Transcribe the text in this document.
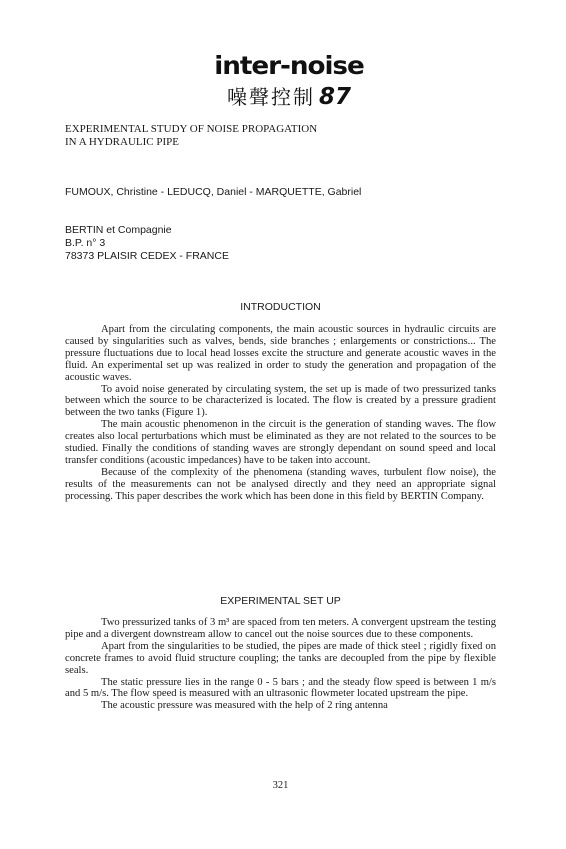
inter-noise
噪聲控制 87
EXPERIMENTAL STUDY OF NOISE PROPAGATION
IN A HYDRAULIC PIPE
FUMOUX, Christine - LEDUCQ, Daniel - MARQUETTE, Gabriel
BERTIN et Compagnie
B.P. n° 3
78373 PLAISIR CEDEX - FRANCE
INTRODUCTION

Apart from the circulating components, the main acoustic sources in hydraulic circuits are caused by singularities such as valves, bends, side branches ; enlargements or constrictions... The pressure fluctuations due to local head losses excite the structure and generate acoustic waves in the fluid. An experimental set up was realized in order to study the generation and propagation of the acoustic waves.

To avoid noise generated by circulating system, the set up is made of two pressurized tanks between which the source to be characterized is located. The flow is created by a pressure gradient between the two tanks (Figure 1).

The main acoustic phenomenon in the circuit is the generation of standing waves. The flow creates also local perturbations which must be eliminated as they are not related to the sources to be studied. Finally the conditions of standing waves are strongly dependant on sound speed and local transfer conditions (acoustic impedances) have to be taken into account.

Because of the complexity of the phenomena (standing waves, turbulent flow noise), the results of the measurements can not be analysed directly and they need an appropriate signal processing. This paper describes the work which has been done in this field by BERTIN Company.

EXPERIMENTAL SET UP

Two pressurized tanks of 3 m³ are spaced from ten meters. A convergent upstream the testing pipe and a divergent downstream allow to cancel out the noise sources due to these components.

Apart from the singularities to be studied, the pipes are made of thick steel ; rigidly fixed on concrete frames to avoid fluid structure coupling; the tanks are decoupled from the pipe by flexible seals.

The static pressure lies in the range 0 - 5 bars ; and the steady flow speed is between 1 m/s and 5 m/s. The flow speed is measured with an ultrasonic flowmeter located upstream the pipe.

The acoustic pressure was measured with the help of 2 ring antenna

321
